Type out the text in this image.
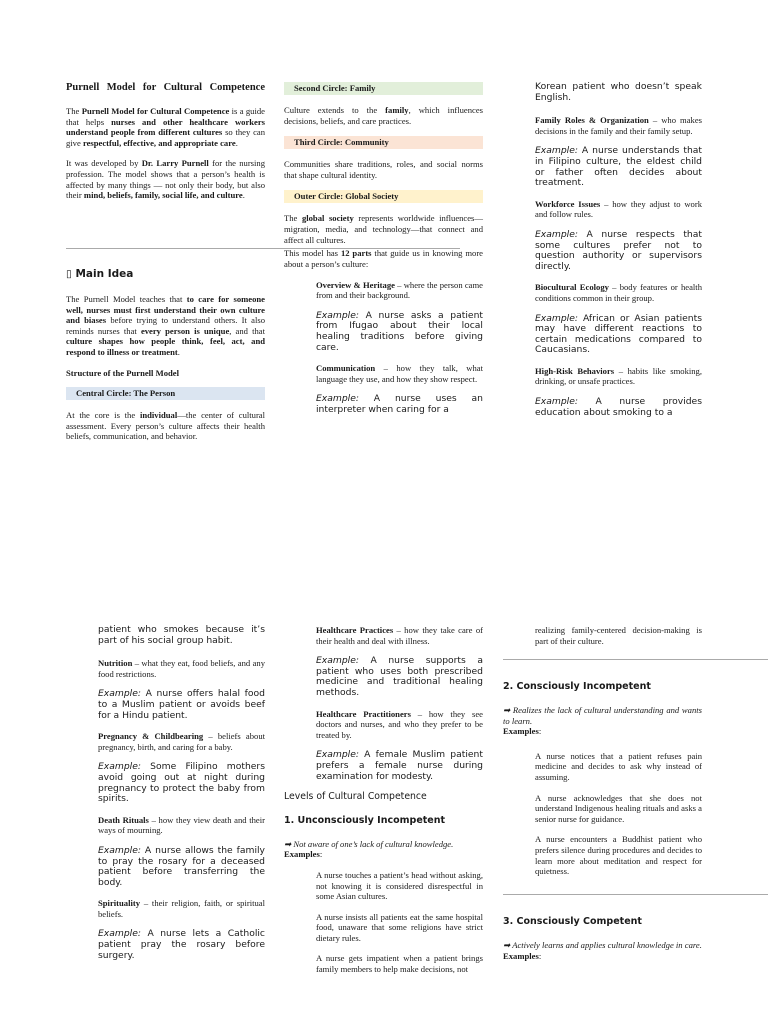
Purnell Model for Cultural Competence

The Purnell Model for Cultural Competence is a guide that helps nurses and other healthcare workers understand people from different cultures so they can give respectful, effective, and appropriate care.

It was developed by Dr. Larry Purnell for the nursing profession. The model shows that a person’s health is affected by many things — not only their body, but also their mind, beliefs, family, social life, and culture.

▯ Main Idea

The Purnell Model teaches that to care for someone well, nurses must first understand their own culture and biases before trying to understand others. It also reminds nurses that every person is unique, and that culture shapes how people think, feel, act, and respond to illness or treatment.

Structure of the Purnell Model

Central Circle: The Person

At the core is the individual—the center of cultural assessment. Every person’s culture affects their health beliefs, communication, and behavior.

Second Circle: Family

Culture extends to the family, which influences decisions, beliefs, and care practices.

Third Circle: Community

Communities share traditions, roles, and social norms that shape cultural identity.

Outer Circle: Global Society

The global society represents worldwide influences—migration, media, and technology—that connect and affect all cultures.

This model has 12 parts that guide us in knowing more about a person’s culture:

Overview & Heritage – where the person came from and their background.

Example: A nurse asks a patient from Ifugao about their local healing traditions before giving care.

Communication – how they talk, what language they use, and how they show respect.

Example: A nurse uses an interpreter when caring for a
Korean patient who doesn’t speak English.

Family Roles & Organization – who makes decisions in the family and their family setup.

Example: A nurse understands that in Filipino culture, the eldest child or father often decides about treatment.

Workforce Issues – how they adjust to work and follow rules.

Example: A nurse respects that some cultures prefer not to question authority or supervisors directly.

Biocultural Ecology – body features or health conditions common in their group.

Example: African or Asian patients may have different reactions to certain medications compared to Caucasians.

High-Risk Behaviors – habits like smoking, drinking, or unsafe practices.

Example: A nurse provides education about smoking to a
patient who smokes because it’s part of his social group habit.

Nutrition – what they eat, food beliefs, and any food restrictions.

Example: A nurse offers halal food to a Muslim patient or avoids beef for a Hindu patient.

Pregnancy & Childbearing – beliefs about pregnancy, birth, and caring for a baby.

Example: Some Filipino mothers avoid going out at night during pregnancy to protect the baby from spirits.

Death Rituals – how they view death and their ways of mourning.

Example: A nurse allows the family to pray the rosary for a deceased patient before transferring the body.

Spirituality – their religion, faith, or spiritual beliefs.

Example: A nurse lets a Catholic patient pray the rosary before surgery.

Healthcare Practices – how they take care of their health and deal with illness.

Example: A nurse supports a patient who uses both prescribed medicine and traditional healing methods.

Healthcare Practitioners – how they see doctors and nurses, and who they prefer to be treated by.

Example: A female Muslim patient prefers a female nurse during examination for modesty.

Levels of Cultural Competence

1. Unconsciously Incompetent

➡ Not aware of one’s lack of cultural knowledge.

Examples:

A nurse touches a patient’s head without asking, not knowing it is considered disrespectful in some Asian cultures.

A nurse insists all patients eat the same hospital food, unaware that some religions have strict dietary rules.

A nurse gets impatient when a patient brings family members to help make decisions, not

realizing family-centered decision-making is part of their culture.

2. Consciously Incompetent

➡ Realizes the lack of cultural understanding and wants to learn.

Examples:

A nurse notices that a patient refuses pain medicine and decides to ask why instead of assuming.

A nurse acknowledges that she does not understand Indigenous healing rituals and asks a senior nurse for guidance.

A nurse encounters a Buddhist patient who prefers silence during procedures and decides to learn more about meditation and respect for quietness.

3. Consciously Competent

➡ Actively learns and applies cultural knowledge in care.

Examples:
